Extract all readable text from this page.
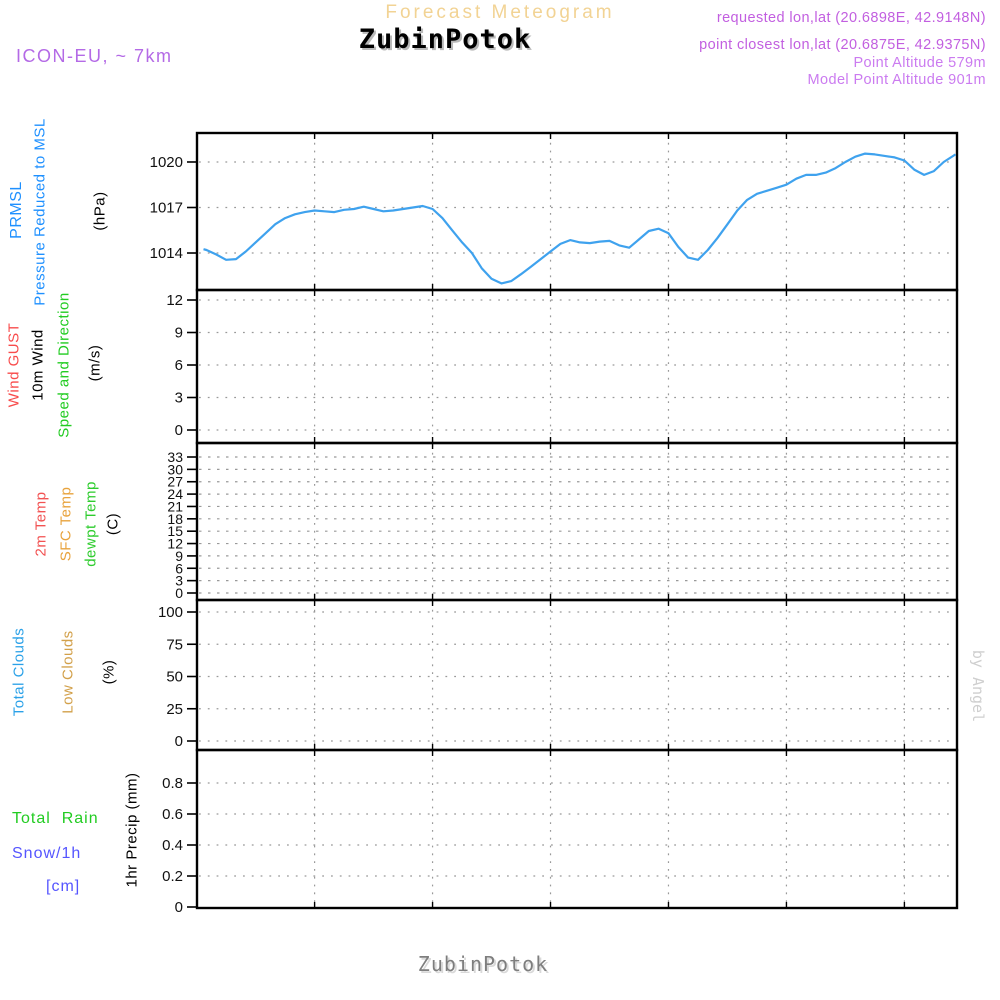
Forecast Meteogram
ZubinPotok
requested lon,lat (20.6898E, 42.9148N)
point closest lon,lat (20.6875E, 42.9375N)
Point Altitude 579m
Model Point Altitude 901m
ICON-EU, ~ 7km
PRMSL Pressure Reduced to MSL	(hPa)
Wind GUST 10m Wind Speed and Direction (m/s)
2m Temp SFC Temp dewpt Temp (C)
Total Clouds Low Clouds (%)
Total  Rain
Snow/1h
[cm]	1hr Precip (mm)
by Angel
ZubinPotok
1014
1017
1020
0
3
6
9
12
0
3
6
9
12
15
18
21
24
27
30
33
0
25
50
75
100
0
0.2
0.4
0.6
0.8
